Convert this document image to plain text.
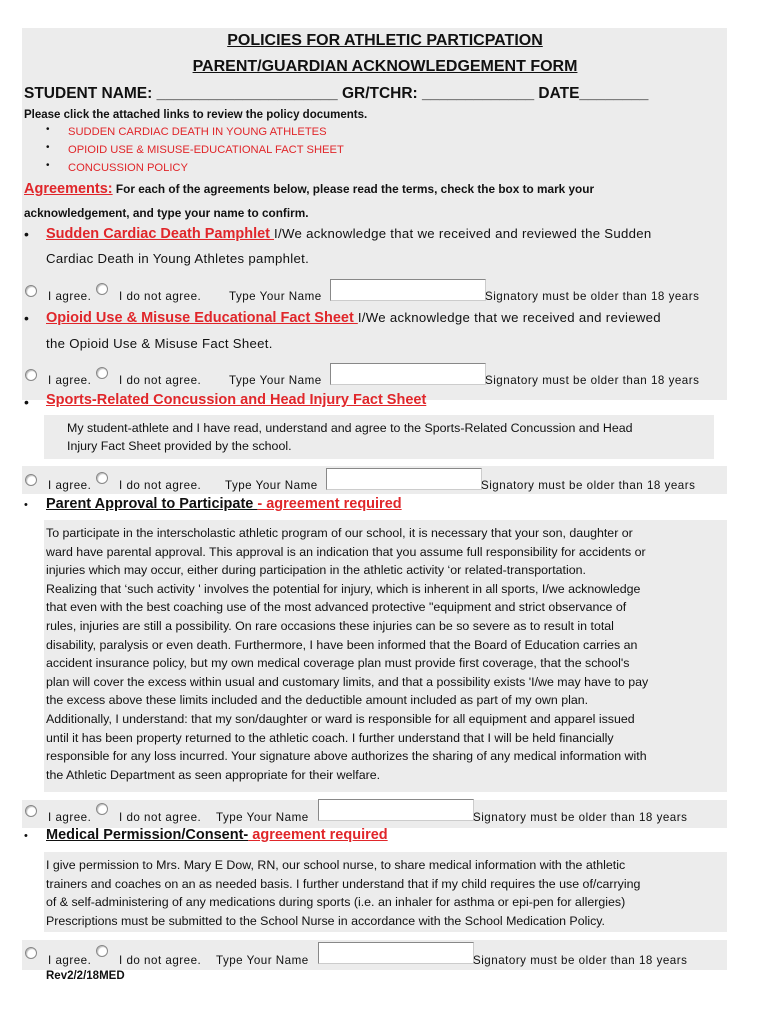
POLICIES FOR ATHLETIC PARTICPATION
PARENT/GUARDIAN ACKNOWLEDGEMENT FORM
STUDENT NAME: _____________________ GR/TCHR: _____________ DATE________
Please click the attached links to review the policy documents.
• SUDDEN CARDIAC DEATH IN YOUNG ATHLETES
• OPIOID USE & MISUSE-EDUCATIONAL FACT SHEET
• CONCUSSION POLICY
Agreements: For each of the agreements below, please read the terms, check the box to mark your
acknowledgement, and type your name to confirm.
• Sudden Cardiac Death Pamphlet I/We acknowledge that we received and reviewed the Sudden
Cardiac Death in Young Athletes pamphlet.
I agree. I do not agree. Type Your Name	Signatory must be older than 18 years
• Opioid Use & Misuse Educational Fact Sheet I/We acknowledge that we received and reviewed
the Opioid Use & Misuse Fact Sheet.
I agree. I do not agree. Type Your Name	Signatory must be older than 18 years
• Sports-Related Concussion and Head Injury Fact Sheet
My student-athlete and I have read, understand and agree to the Sports-Related Concussion and Head
Injury Fact Sheet provided by the school.
I agree. I do not agree. Type Your Name	Signatory must be older than 18 years
• Parent Approval to Participate - agreement required
To participate in the interscholastic athletic program of our school, it is necessary that your son, daughter or
ward have parental approval. This approval is an indication that you assume full responsibility for accidents or
injuries which may occur, either during participation in the athletic activity ‘or related-transportation.
Realizing that ‘such activity ' involves the potential for injury, which is inherent in all sports, I/we acknowledge
that even with the best coaching use of the most advanced protective "equipment and strict observance of
rules, injuries are still a possibility. On rare occasions these injuries can be so severe as to result in total
disability, paralysis or even death. Furthermore, I have been informed that the Board of Education carries an
accident insurance policy, but my own medical coverage plan must provide first coverage, that the school's
plan will cover the excess within usual and customary limits, and that a possibility exists 'I/we may have to pay
the excess above these limits included and the deductible amount included as part of my own plan.
Additionally, I understand: that my son/daughter or ward is responsible for all equipment and apparel issued
until it has been property returned to the athletic coach. I further understand that I will be held financially
responsible for any loss incurred. Your signature above authorizes the sharing of any medical information with
the Athletic Department as seen appropriate for their welfare.
I agree. I do not agree. Type Your Name	Signatory must be older than 18 years
• Medical Permission/Consent- agreement required
I give permission to Mrs. Mary E Dow, RN, our school nurse, to share medical information with the athletic
trainers and coaches on an as needed basis. I further understand that if my child requires the use of/carrying
of & self-administering of any medications during sports (i.e. an inhaler for asthma or epi-pen for allergies)
Prescriptions must be submitted to the School Nurse in accordance with the School Medication Policy.
I agree. I do not agree. Type Your Name	Signatory must be older than 18 years
Rev2/2/18MED
